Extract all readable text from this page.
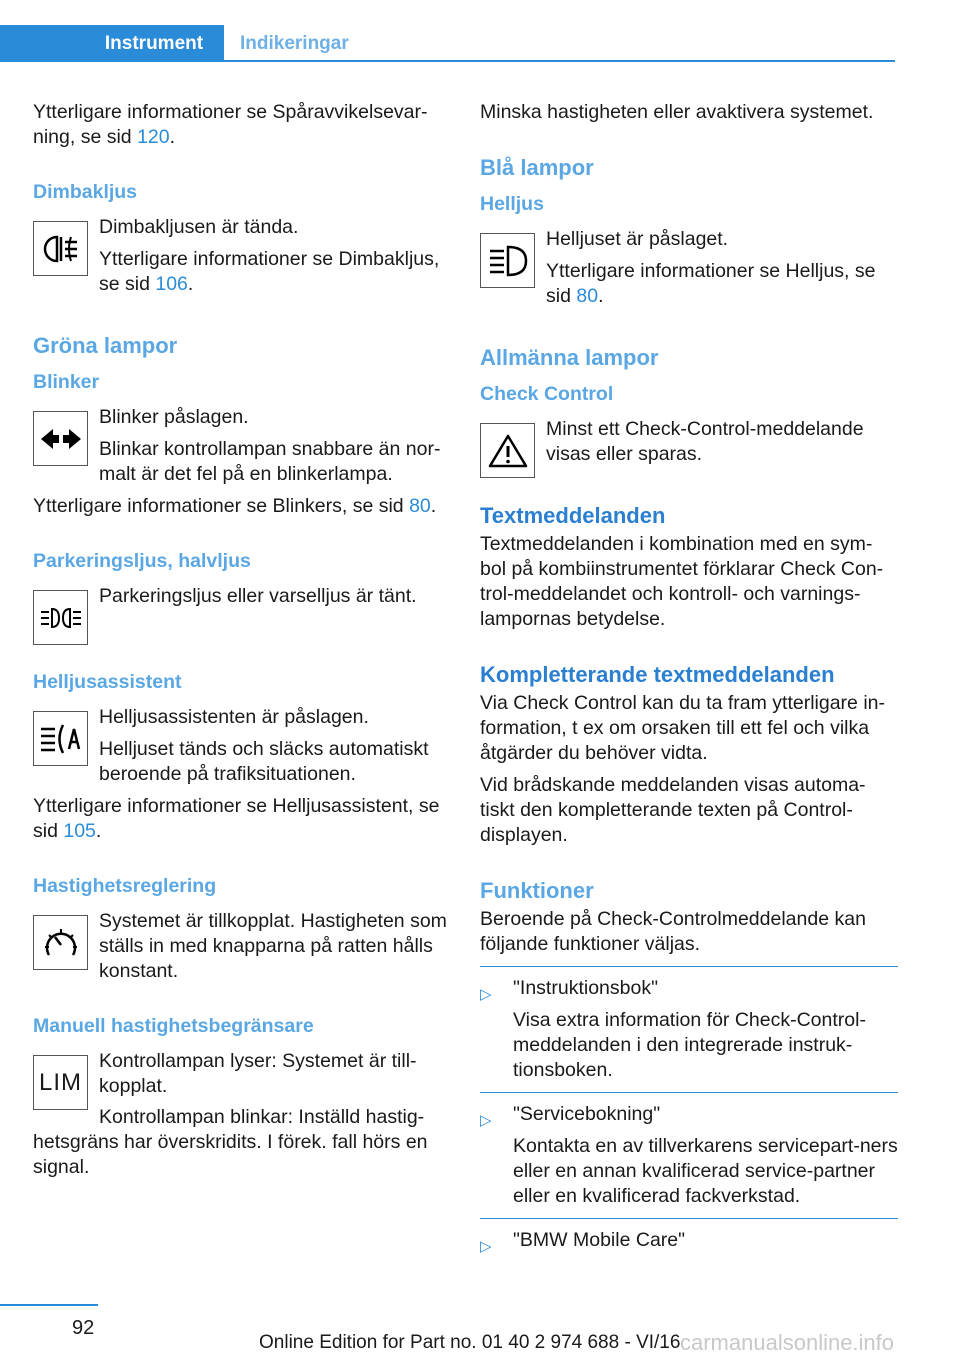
Instrument Indikeringar

Ytterligare informationer se Spåravvikelsevar-ning, se sid 120.

Dimbakljus

Dimbakljusen är tända.

Ytterligare informationer se Dimbakljus, se sid 106.

Gröna lampor
Blinker

Blinker påslagen.

Blinkar kontrollampan snabbare än nor-malt är det fel på en blinkerlampa.

Ytterligare informationer se Blinkers, se sid 80.

Parkeringsljus, halvljus

Parkeringsljus eller varselljus är tänt.

Helljusassistent

Helljusassistenten är påslagen.

Helljuset tänds och släcks automatiskt beroende på trafiksituationen.

Ytterligare informationer se Helljusassistent, se sid 105.

Hastighetsreglering

Systemet är tillkopplat. Hastigheten som ställs in med knapparna på ratten hålls konstant.

Manuell hastighetsbegränsare
LIM

Kontrollampan lyser: Systemet är till-kopplat.

Kontrollampan blinkar: Inställd hastig-hetsgräns har överskridits. I förek. fall hörs en signal.

Minska hastigheten eller avaktivera systemet.

Blå lampor
Helljus

Helljuset är påslaget.

Ytterligare informationer se Helljus, se sid 80.

Allmänna lampor
Check Control

Minst ett Check-Control-meddelande visas eller sparas.

Textmeddelanden

Textmeddelanden i kombination med en sym-bol på kombiinstrumentet förklarar Check Con-trol-meddelandet och kontroll- och varnings-lampornas betydelse.

Kompletterande textmeddelanden

Via Check Control kan du ta fram ytterligare in-formation, t ex om orsaken till ett fel och vilka åtgärder du behöver vidta.

Vid brådskande meddelanden visas automa-tiskt den kompletterande texten på Control-displayen.

Funktioner

Beroende på Check-Controlmeddelande kan följande funktioner väljas.

▷ "Instruktionsbok"
Visa extra information för Check-Control-meddelanden i den integrerade instruk-tionsboken.
▷ "Servicebokning"
Kontakta en av tillverkarens servicepart-ners eller en annan kvalificerad service-partner eller en kvalificerad fackverkstad.
▷ "BMW Mobile Care"
92
Online Edition for Part no. 01 40 2 974 688 - VI/16 carmanualsonline.info
